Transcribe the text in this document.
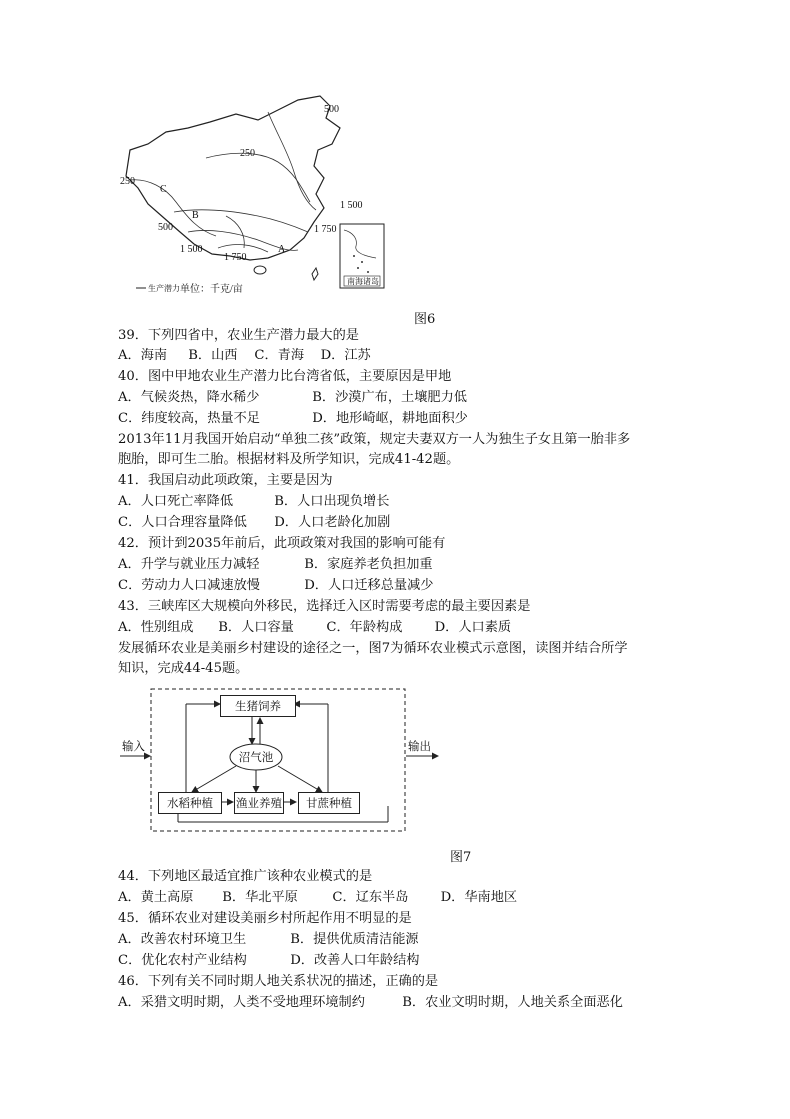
南海诸岛
500
250
250
1 500
500	1 750
1 500
1 750
C
B
A
生产潜力 单位：千克/亩
图6
39．下列四省中，农业生产潜力最大的是
A．海南 B．山西 C．青海 D．江苏
40．图中甲地农业生产潜力比台湾省低，主要原因是甲地
A．气候炎热，降水稀少	B．沙漠广布，土壤肥力低
C．纬度较高，热量不足	D．地形崎岖，耕地面积少
2013年11月我国开始启动“单独二孩”政策，规定夫妻双方一人为独生子女且第一胎非多
胞胎，即可生二胎。根据材料及所学知识，完成41-42题。
41．我国启动此项政策，主要是因为
A．人口死亡率降低	B．人口出现负增长
C．人口合理容量降低 D．人口老龄化加剧
42．预计到2035年前后，此项政策对我国的影响可能有
A．升学与就业压力减轻	B．家庭养老负担加重
C．劳动力人口减速放慢	D．人口迁移总量减少
43．三峡库区大规模向外移民，选择迁入区时需要考虑的最主要因素是
A．性别组成 B．人口容量 C．年龄构成 D．人口素质
发展循环农业是美丽乡村建设的途径之一，图7为循环农业模式示意图，读图并结合所学
知识，完成44-45题。
输入	输出
生猪饲养
沼气池
水稻种植	渔业养殖	甘蔗种植
图7
44．下列地区最适宜推广该种农业模式的是
A．黄土高原 B．华北平原	C．辽东半岛 D．华南地区
45．循环农业对建设美丽乡村所起作用不明显的是
A．改善农村环境卫生	B．提供优质清洁能源
C．优化农村产业结构	D．改善人口年龄结构
46．下列有关不同时期人地关系状况的描述，正确的是
A．采猎文明时期，人类不受地理环境制约	B．农业文明时期，人地关系全面恶化
